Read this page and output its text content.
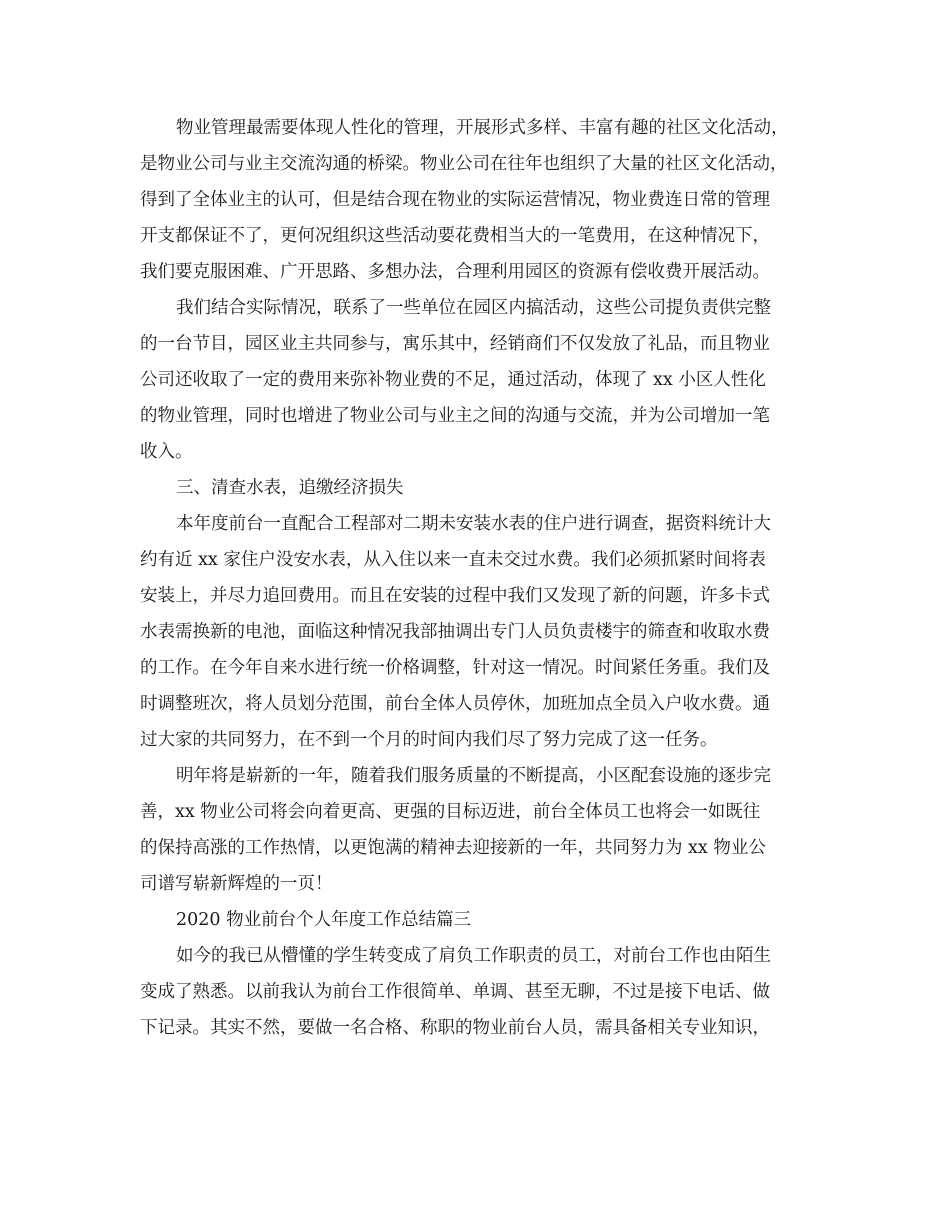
物业管理最需要体现人性化的管理，开展形式多样、丰富有趣的社区文化活动，
是物业公司与业主交流沟通的桥梁。物业公司在往年也组织了大量的社区文化活动，
得到了全体业主的认可，但是结合现在物业的实际运营情况，物业费连日常的管理
开支都保证不了，更何况组织这些活动要花费相当大的一笔费用，在这种情况下，
我们要克服困难、广开思路、多想办法，合理利用园区的资源有偿收费开展活动。
我们结合实际情况，联系了一些单位在园区内搞活动，这些公司提负责供完整
的一台节目，园区业主共同参与，寓乐其中，经销商们不仅发放了礼品，而且物业
公司还收取了一定的费用来弥补物业费的不足，通过活动，体现了 xx 小区人性化
的物业管理，同时也增进了物业公司与业主之间的沟通与交流，并为公司增加一笔
收入。
三、清查水表，追缴经济损失
本年度前台一直配合工程部对二期未安装水表的住户进行调查，据资料统计大
约有近 xx 家住户没安水表，从入住以来一直未交过水费。我们必须抓紧时间将表
安装上，并尽力追回费用。而且在安装的过程中我们又发现了新的问题，许多卡式
水表需换新的电池，面临这种情况我部抽调出专门人员负责楼宇的筛查和收取水费
的工作。在今年自来水进行统一价格调整，针对这一情况。时间紧任务重。我们及
时调整班次，将人员划分范围，前台全体人员停休，加班加点全员入户收水费。通
过大家的共同努力，在不到一个月的时间内我们尽了努力完成了这一任务。
明年将是崭新的一年，随着我们服务质量的不断提高，小区配套设施的逐步完
善，xx 物业公司将会向着更高、更强的目标迈进，前台全体员工也将会一如既往
的保持高涨的工作热情，以更饱满的精神去迎接新的一年，共同努力为 xx 物业公
司谱写崭新辉煌的一页！
2020 物业前台个人年度工作总结篇三
如今的我已从懵懂的学生转变成了肩负工作职责的员工，对前台工作也由陌生
变成了熟悉。以前我认为前台工作很简单、单调、甚至无聊，不过是接下电话、做
下记录。其实不然，要做一名合格、称职的物业前台人员，需具备相关专业知识，
